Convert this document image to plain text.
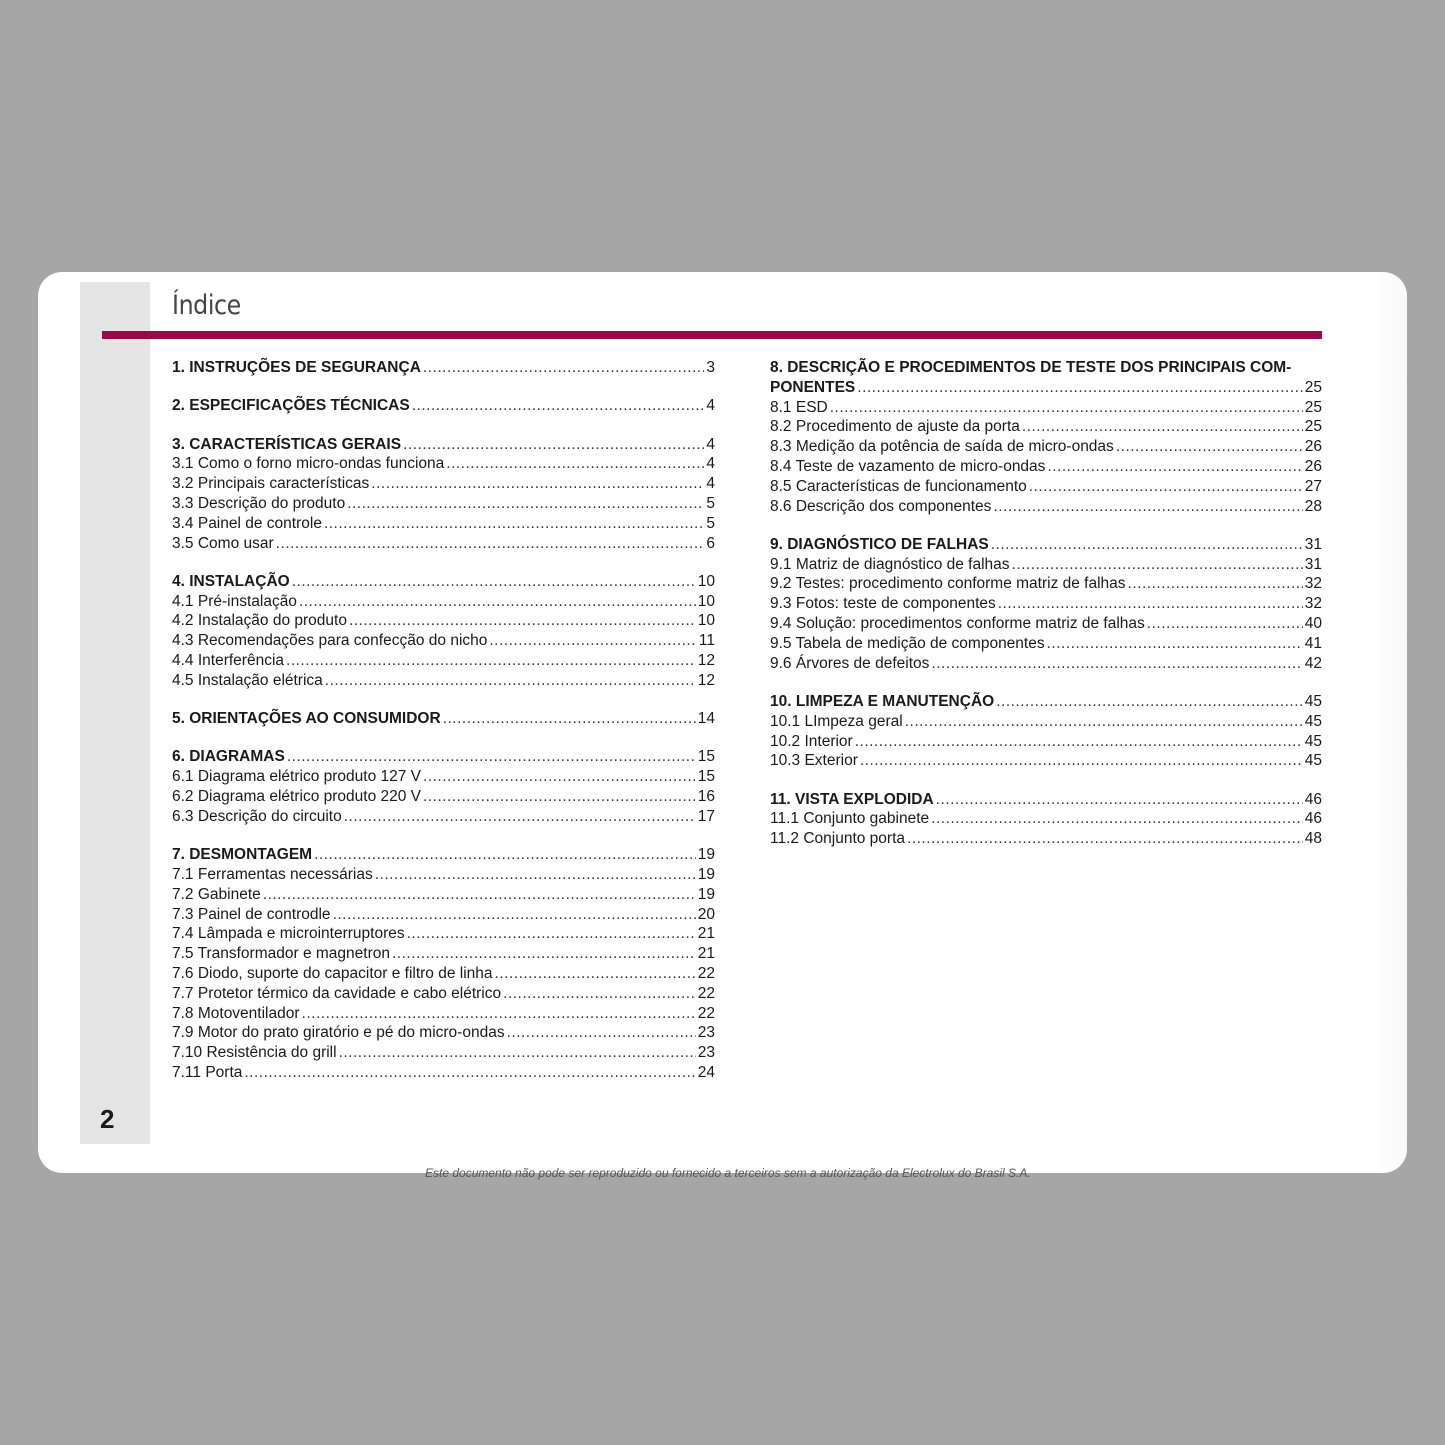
2
Índice
1. INSTRUÇÕES DE SEGURANÇA .....	3
2. ESPECIFICAÇÕES TÉCNICAS .....	4
3. CARACTERÍSTICAS GERAIS .....	4
3.1 Como o forno micro-ondas funciona .....	4
3.2 Principais características .....	4
3.3 Descrição do produto .....	5
3.4 Painel de controle .....	5
3.5 Como usar .....	6
4. INSTALAÇÃO .....	10
4.1 Pré-instalação .....	10
4.2 Instalação do produto .....	10
4.3 Recomendações para confecção do nicho .....	11
4.4 Interferência .....	12
4.5 Instalação elétrica .....	12
5. ORIENTAÇÕES AO CONSUMIDOR .....	14
6. DIAGRAMAS .....	15
6.1 Diagrama elétrico produto 127 V .....	15
6.2 Diagrama elétrico produto 220 V .....	16
6.3 Descrição do circuito .....	17
7. DESMONTAGEM .....	19
7.1 Ferramentas necessárias .....	19
7.2 Gabinete .....	19
7.3 Painel de controdle .....	20
7.4 Lâmpada e microinterruptores .....	21
7.5 Transformador e magnetron .....	21
7.6 Diodo, suporte do capacitor e filtro de linha .....	22
7.7 Protetor térmico da cavidade e cabo elétrico .....	22
7.8 Motoventilador .....	22
7.9 Motor do prato giratório e pé do micro-ondas .....	23
7.10 Resistência do grill .....	23
7.11 Porta .....	24
8. DESCRIÇÃO E PROCEDIMENTOS DE TESTE DOS PRINCIPAIS COM-
PONENTES .....	25
8.1 ESD .....	25
8.2 Procedimento de ajuste da porta .....	25
8.3 Medição da potência de saída de micro-ondas .....	26
8.4 Teste de vazamento de micro-ondas .....	26
8.5 Características de funcionamento .....	27
8.6 Descrição dos componentes .....	28
9. DIAGNÓSTICO DE FALHAS .....	31
9.1 Matriz de diagnóstico de falhas .....	31
9.2 Testes: procedimento conforme matriz de falhas .....	32
9.3 Fotos: teste de componentes .....	32
9.4 Solução: procedimentos conforme matriz de falhas .....	40
9.5 Tabela de medição de componentes .....	41
9.6 Árvores de defeitos .....	42
10. LIMPEZA E MANUTENÇÃO .....	45
10.1 LImpeza geral .....	45
10.2 Interior .....	45
10.3 Exterior .....	45
11. VISTA EXPLODIDA .....	46
11.1 Conjunto gabinete .....	46
11.2 Conjunto porta .....	48
Este documento não pode ser reproduzido ou fornecido a terceiros sem a autorização da Electrolux do Brasil S.A.
